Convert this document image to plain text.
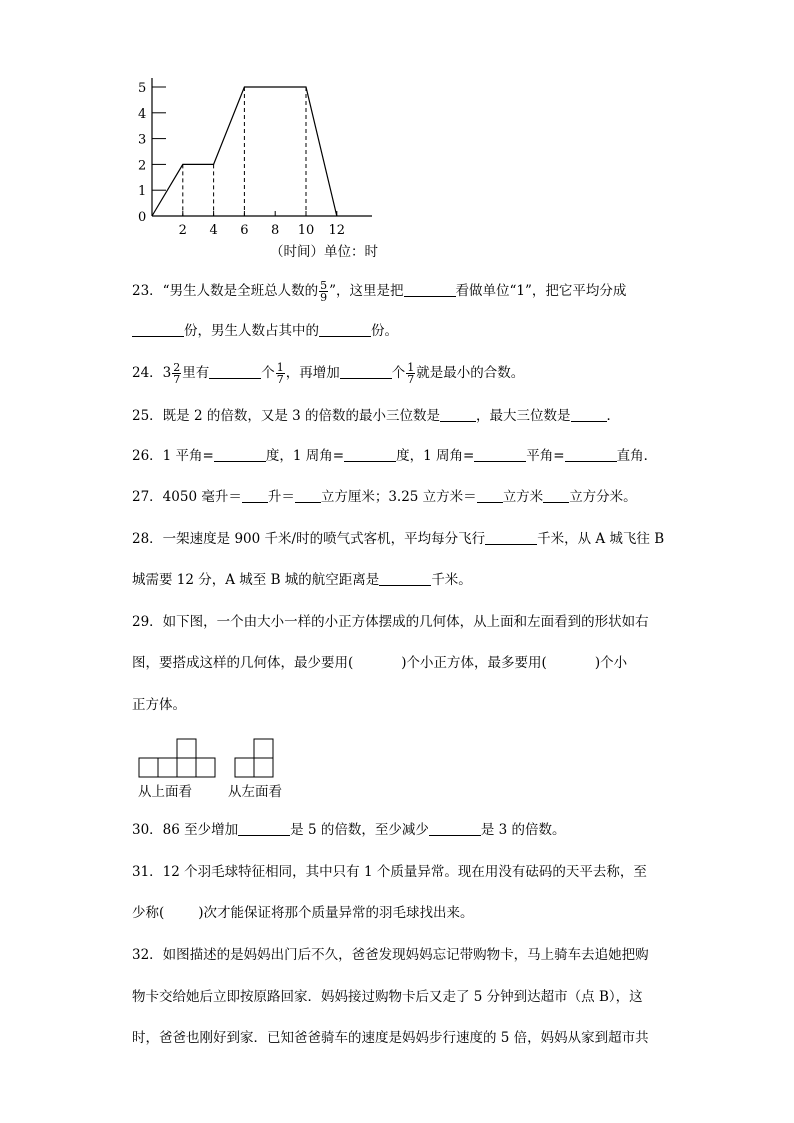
0
1
2
3
4
5
2 4 6 8 10 12
（时间）单位：时
23．“男生人数是全班总人数的 $\frac{5}{9}$ ”，这里是把	看做单位“1”，把它平均分成
份，男生人数占其中的	份。
24．$3 \frac{2}{7}$ 里有	个 $\frac{1}{7}$ ，再增加	个 $\frac{1}{7}$ 就是最小的合数。
25．既是 2 的倍数，又是 3 的倍数的最小三位数是	，最大三位数是	．
26．1 平角=	度，1 周角=	度，1 周角=	平角=	直角．
27．4050 毫升＝ 升＝ 立方厘米；3.25 立方米＝ 立方米 立方分米。
28．一架速度是 900 千米/时的喷气式客机，平均每分飞行	千米，从 A 城飞往 B
城需要 12 分，A 城至 B 城的航空距离是	千米。
29．如下图，一个由大小一样的小正方体摆成的几何体，从上面和左面看到的形状如右
图，要搭成这样的几何体，最少要用(	)个小正方体，最多要用(	)个小
正方体。
从上面看	从左面看
30．86 至少增加	是 5 的倍数，至少减少	是 3 的倍数。
31．12 个羽毛球特征相同，其中只有 1 个质量异常。现在用没有砝码的天平去称，至
少称(	)次才能保证将那个质量异常的羽毛球找出来。
32．如图描述的是妈妈出门后不久，爸爸发现妈妈忘记带购物卡，马上骑车去追她把购
物卡交给她后立即按原路回家．妈妈接过购物卡后又走了 5 分钟到达超市（点 B），这
时，爸爸也刚好到家．已知爸爸骑车的速度是妈妈步行速度的 5 倍，妈妈从家到超市共
